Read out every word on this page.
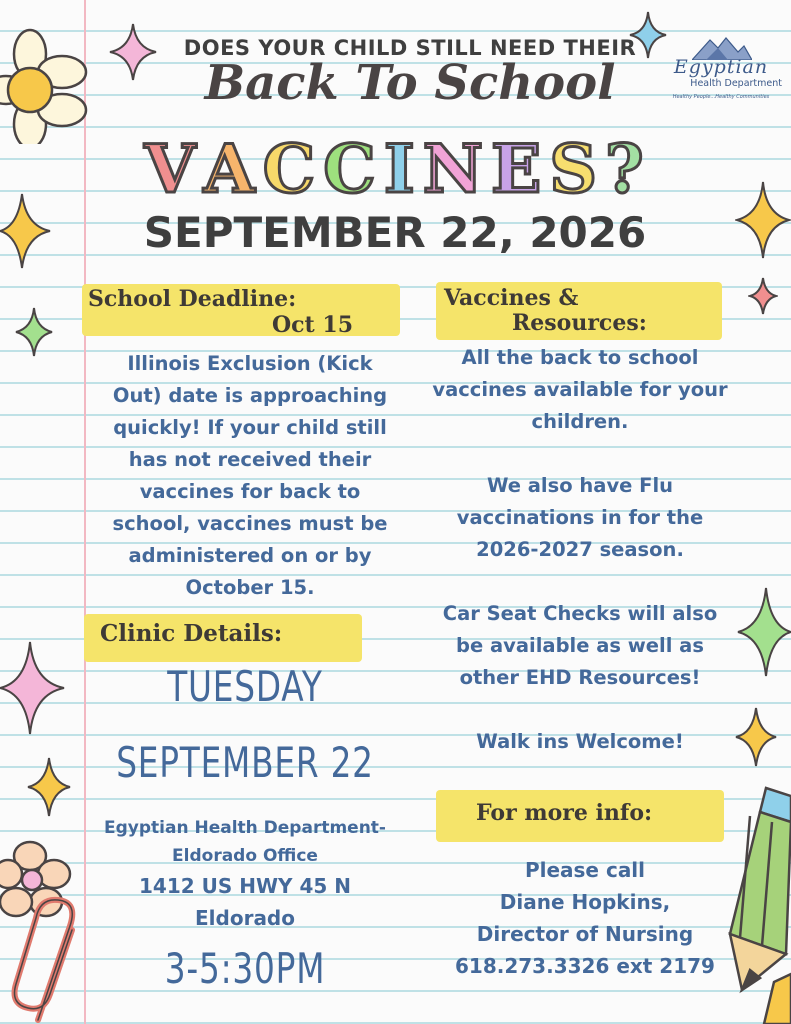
Egyptian
Health Department
Healthy People...Healthy Communities
DOES YOUR CHILD STILL NEED THEIR
Back To School
V A C C I N E S ?
SEPTEMBER 22, 2026
School Deadline:
Oct 15
Illinois Exclusion (Kick
Out) date is approaching
quickly! If your child still
has not received their
vaccines for back to
school, vaccines must be
administered on or by
October 15.
Clinic Details:
TUESDAY
SEPTEMBER 22
Egyptian Health Department-
Eldorado Office
1412 US HWY 45 N
Eldorado
3-5:30PM
Vaccines &
Resources:
All the back to school
vaccines available for your
children.
We also have Flu
vaccinations in for the
2026-2027 season.
Car Seat Checks will also
be available as well as
other EHD Resources!
Walk ins Welcome!
For more info:
Please call
Diane Hopkins,
Director of Nursing
618.273.3326 ext 2179
